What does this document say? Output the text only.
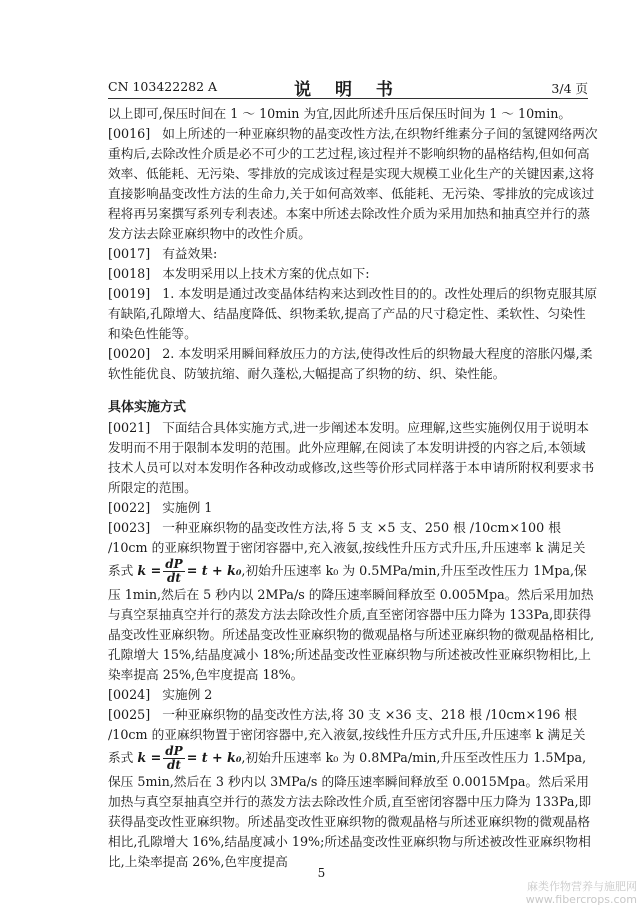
CN 103422282 A	说 明 书	3/4 页

以上即可,保压时间在 1 ～ 10min 为宜,因此所述升压后保压时间为 1 ～ 10min。

[0016] 如上所述的一种亚麻织物的晶变改性方法,在织物纤维素分子间的氢键网络两次重构后,去除改性介质是必不可少的工艺过程,该过程并不影响织物的晶格结构,但如何高效率、低能耗、无污染、零排放的完成该过程是实现大规模工业化生产的关键因素,这将直接影响晶变改性方法的生命力,关于如何高效率、低能耗、无污染、零排放的完成该过程将再另案撰写系列专利表述。本案中所述去除改性介质为采用加热和抽真空并行的蒸发方法去除亚麻织物中的改性介质。

[0017] 有益效果:

[0018] 本发明采用以上技术方案的优点如下:

[0019] 1. 本发明是通过改变晶体结构来达到改性目的的。改性处理后的织物克服其原有缺陷,孔隙增大、结晶度降低、织物柔软,提高了产品的尺寸稳定性、柔软性、匀染性和染色性能等。

[0020] 2. 本发明采用瞬间释放压力的方法,使得改性后的织物最大程度的溶胀闪爆,柔软性能优良、防皱抗缩、耐久蓬松,大幅提高了织物的纺、织、染性能。

具体实施方式

[0021] 下面结合具体实施方式,进一步阐述本发明。应理解,这些实施例仅用于说明本发明而不用于限制本发明的范围。此外应理解,在阅读了本发明讲授的内容之后,本领域技术人员可以对本发明作各种改动或修改,这些等价形式同样落于本申请所附权利要求书所限定的范围。

[0022] 实施例 1

[0023] 一种亚麻织物的晶变改性方法,将 5 支 ×5 支、250 根 /10cm×100 根 /10cm 的亚麻织物置于密闭容器中,充入液氨,按线性升压方式升压,升压速率 k 满足关系式 $k = \frac{dP}{dt} = t + k_0$,初始升压速率 k₀ 为 0.5MPa/min,升压至改性压力 1Mpa,保压 1min,然后在 5 秒内以 2MPa/s 的降压速率瞬间释放至 0.005Mpa。然后采用加热与真空泵抽真空并行的蒸发方法去除改性介质,直至密闭容器中压力降为 133Pa,即获得晶变改性亚麻织物。所述晶变改性亚麻织物的微观晶格与所述亚麻织物的微观晶格相比,孔隙增大 15%,结晶度减小 18%;所述晶变改性亚麻织物与所述被改性亚麻织物相比,上染率提高 25%,色牢度提高 18%。

[0024] 实施例 2

[0025] 一种亚麻织物的晶变改性方法,将 30 支 ×36 支、218 根 /10cm×196 根 /10cm 的亚麻织物置于密闭容器中,充入液氨,按线性升压方式升压,升压速率 k 满足关系式 $k = \frac{dP}{dt} = t + k_0$,初始升压速率 k₀ 为 0.8MPa/min,升压至改性压力 1.5Mpa,保压 5min,然后在 3 秒内以 3MPa/s 的降压速率瞬间释放至 0.0015Mpa。然后采用加热与真空泵抽真空并行的蒸发方法去除改性介质,直至密闭容器中压力降为 133Pa,即获得晶变改性亚麻织物。所述晶变改性亚麻织物的微观晶格与所述亚麻织物的微观晶格相比,孔隙增大 16%,结晶度减小 19%;所述晶变改性亚麻织物与所述被改性亚麻织物相比,上染率提高 26%,色牢度提高

5
麻类作物营养与施肥网
www.fibercrops.com
